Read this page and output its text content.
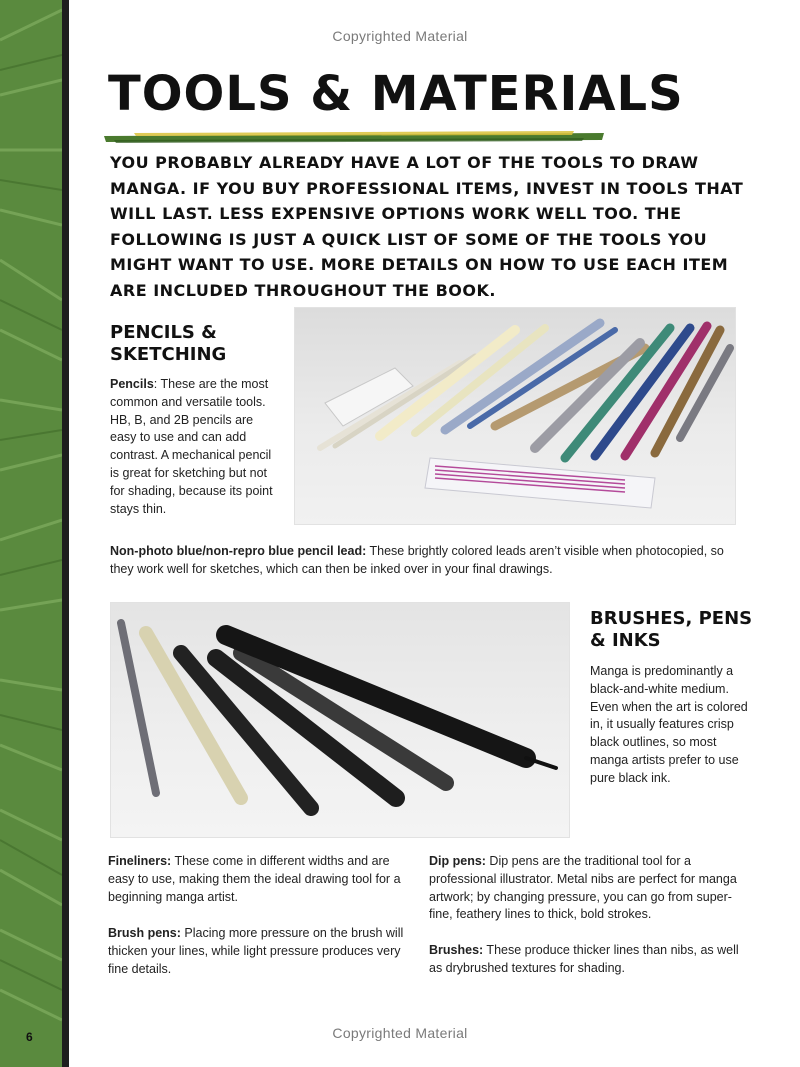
Copyrighted Material
TOOLS & MATERIALS
YOU PROBABLY ALREADY HAVE A LOT OF THE TOOLS TO DRAW MANGA. IF YOU BUY PROFESSIONAL ITEMS, INVEST IN TOOLS THAT WILL LAST. LESS EXPENSIVE OPTIONS WORK WELL TOO. THE FOLLOWING IS JUST A QUICK LIST OF SOME OF THE TOOLS YOU MIGHT WANT TO USE. MORE DETAILS ON HOW TO USE EACH ITEM ARE INCLUDED THROUGHOUT THE BOOK.
PENCILS & SKETCHING
Pencils: These are the most common and versatile tools. HB, B, and 2B pencils are easy to use and can add contrast. A mechanical pencil is great for sketching but not for shading, because its point stays thin.
Non-photo blue/non-repro blue pencil lead: These brightly colored leads aren’t visible when photocopied, so they work well for sketches, which can then be inked over in your final drawings.
BRUSHES, PENS & INKS
Manga is predominantly a black-and-white medium. Even when the art is colored in, it usually features crisp black outlines, so most manga artists prefer to use pure black ink.
Fineliners: These come in different widths and are easy to use, making them the ideal drawing tool for a beginning manga artist.
Brush pens: Placing more pressure on the brush will thicken your lines, while light pressure produces very fine details.
Dip pens: Dip pens are the traditional tool for a professional illustrator. Metal nibs are perfect for manga artwork; by changing pressure, you can go from super-fine, feathery lines to thick, bold strokes.
Brushes: These produce thicker lines than nibs, as well as drybrushed textures for shading.
Copyrighted Material
6
